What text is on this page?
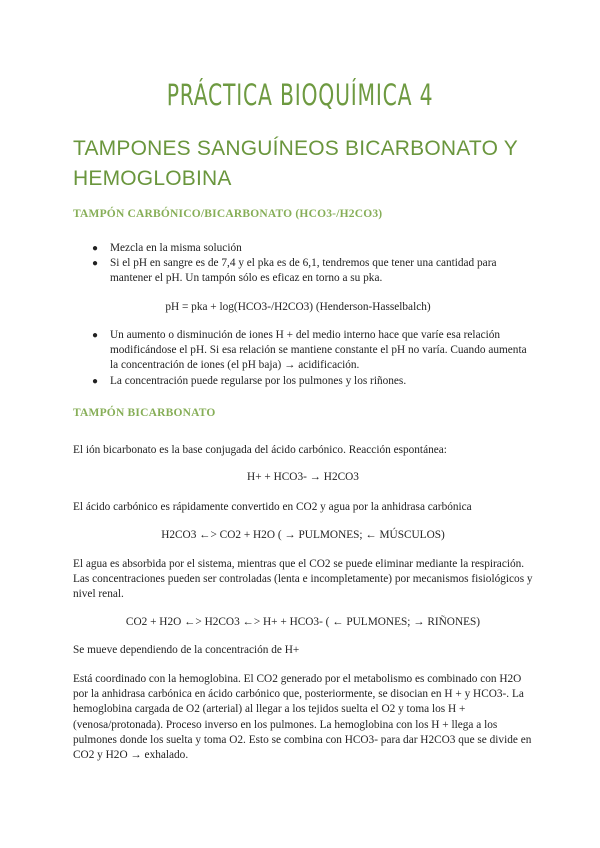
PRÁCTICA BIOQUÍMICA 4
TAMPONES SANGUÍNEOS BICARBONATO Y HEMOGLOBINA
TAMPÓN CARBÓNICO/BICARBONATO (HCO3-/H2CO3)
● Mezcla en la misma solución
● Si el pH en sangre es de 7,4 y el pka es de 6,1, tendremos que tener una cantidad para mantener el pH. Un tampón sólo es eficaz en torno a su pka.
pH = pka + log(HCO3-/H2CO3) (Henderson-Hasselbalch)
● Un aumento o disminución de iones H + del medio interno hace que varíe esa relación modificándose el pH. Si esa relación se mantiene constante el pH no varía. Cuando aumenta la concentración de iones (el pH baja) → acidificación.
● La concentración puede regularse por los pulmones y los riñones.
TAMPÓN BICARBONATO
El ión bicarbonato es la base conjugada del ácido carbónico. Reacción espontánea:
H+ + HCO3- → H2CO3
El ácido carbónico es rápidamente convertido en CO2 y agua por la anhidrasa carbónica
H2CO3 ←> CO2 + H2O ( → PULMONES; ← MÚSCULOS)
El agua es absorbida por el sistema, mientras que el CO2 se puede eliminar mediante la respiración. Las concentraciones pueden ser controladas (lenta e incompletamente) por mecanismos fisiológicos y nivel renal.
CO2 + H2O ←> H2CO3 ←> H+ + HCO3- ( ← PULMONES; → RIÑONES)
Se mueve dependiendo de la concentración de H+
Está coordinado con la hemoglobina. El CO2 generado por el metabolismo es combinado con H2O por la anhidrasa carbónica en ácido carbónico que, posteriormente, se disocian en H + y HCO3-. La hemoglobina cargada de O2 (arterial) al llegar a los tejidos suelta el O2 y toma los H + (venosa/protonada). Proceso inverso en los pulmones. La hemoglobina con los H + llega a los pulmones donde los suelta y toma O2. Esto se combina con HCO3- para dar H2CO3 que se divide en CO2 y H2O → exhalado.
